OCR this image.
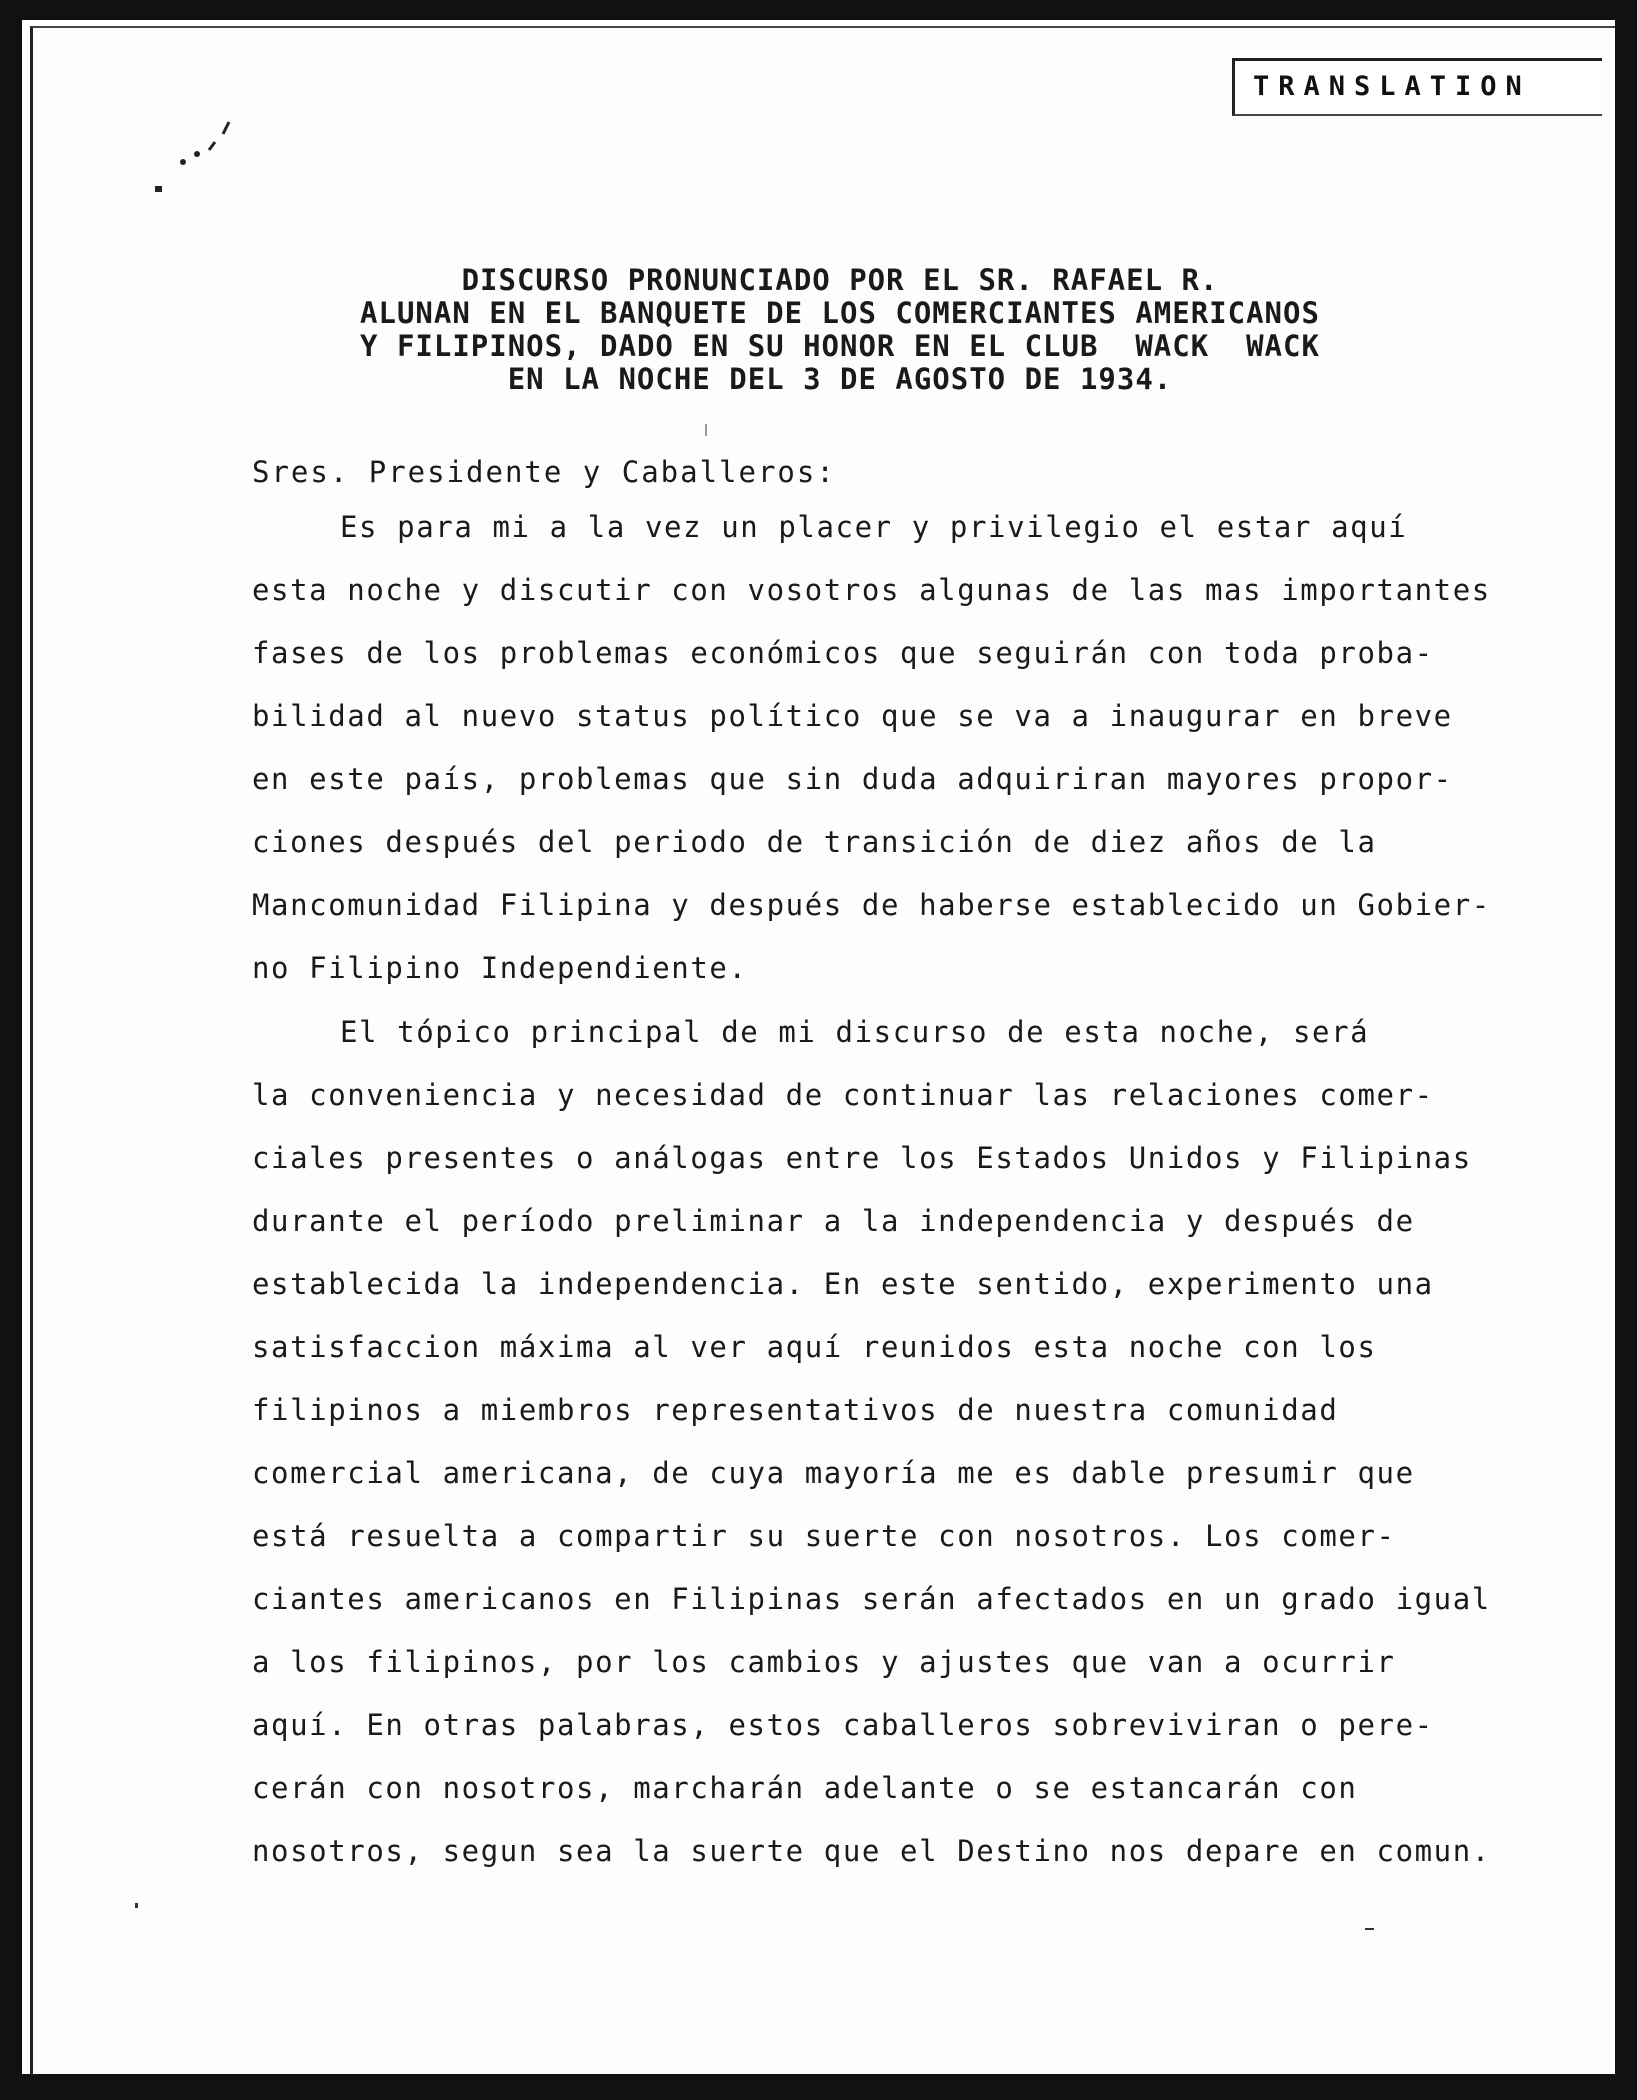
TRANSLATION
DISCURSO PRONUNCIADO POR EL SR. RAFAEL R.
ALUNAN EN EL BANQUETE DE LOS COMERCIANTES AMERICANOS
Y FILIPINOS, DADO EN SU HONOR EN EL CLUB  WACK  WACK
EN LA NOCHE DEL 3 DE AGOSTO DE 1934.
Sres. Presidente y Caballeros:
Es para mi a la vez un placer y privilegio el estar aquí
esta noche y discutir con vosotros algunas de las mas importantes
fases de los problemas económicos que seguirán con toda proba-
bilidad al nuevo status político que se va a inaugurar en breve
en este país, problemas que sin duda adquiriran mayores propor-
ciones después del periodo de transición de diez años de la
Mancomunidad Filipina y después de haberse establecido un Gobier-
no Filipino Independiente.
El tópico principal de mi discurso de esta noche, será
la conveniencia y necesidad de continuar las relaciones comer-
ciales presentes o análogas entre los Estados Unidos y Filipinas
durante el período preliminar a la independencia y después de
establecida la independencia. En este sentido, experimento una
satisfaccion máxima al ver aquí reunidos esta noche con los
filipinos a miembros representativos de nuestra comunidad
comercial americana, de cuya mayoría me es dable presumir que
está resuelta a compartir su suerte con nosotros. Los comer-
ciantes americanos en Filipinas serán afectados en un grado igual
a los filipinos, por los cambios y ajustes que van a ocurrir
aquí. En otras palabras, estos caballeros sobreviviran o pere-
cerán con nosotros, marcharán adelante o se estancarán con
nosotros, segun sea la suerte que el Destino nos depare en comun.
